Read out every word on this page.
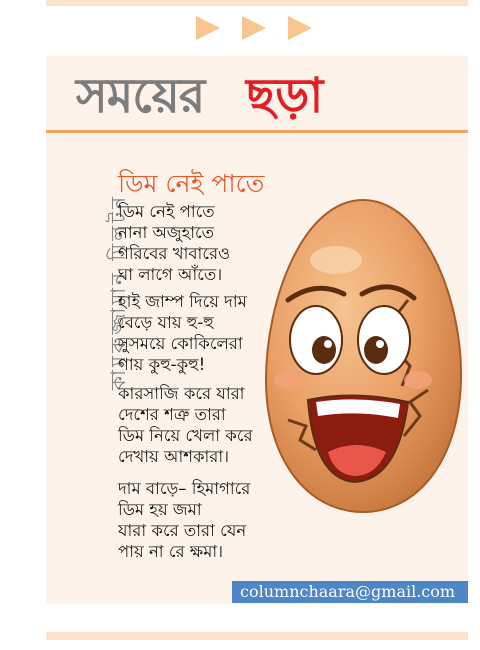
সময়ের ছড়া
কামরুজ্জামান মিলটন
ডিম নেই পাতে
ডিম নেই পাতে
নানা অজুহাতে
গরিবের খাবারেও
ঘা লাগে আঁতে।
হাই জাম্প দিয়ে দাম
বেড়ে যায় হু-হু
সুসময়ে কোকিলেরা
গায় কুহু-কুহু!
কারসাজি করে যারা
দেশের শত্রু তারা
ডিম নিয়ে খেলা করে
দেখায় আশকারা।
দাম বাড়ে– হিমাগারে
ডিম হয় জমা
যারা করে তারা যেন
পায় না রে ক্ষমা।
columnchaara@gmail.com
